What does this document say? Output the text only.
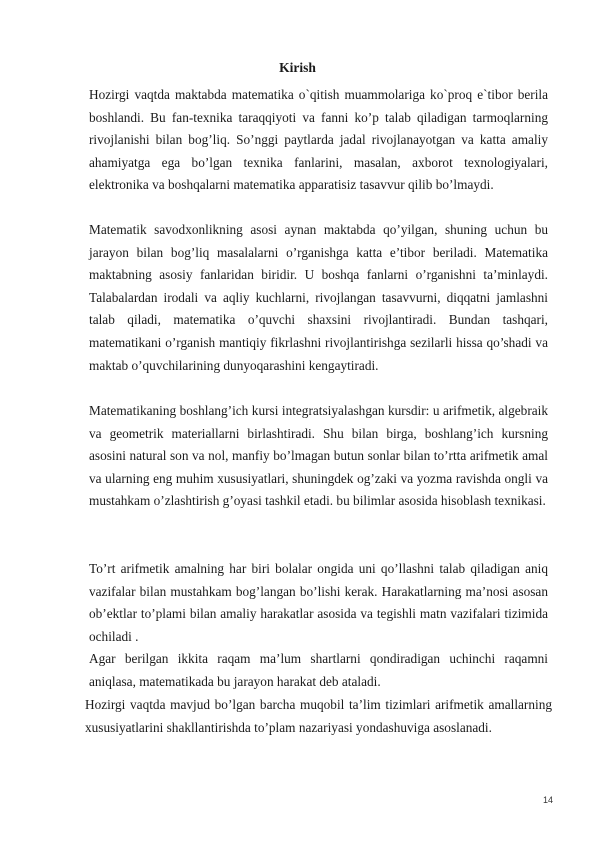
Kirish

Hozirgi vaqtda maktabda matematika o`qitish muammolariga ko`proq e`tibor berila boshlandi. Bu fan-texnika taraqqiyoti va fanni ko’p talab qiladigan tarmoqlarning rivojlanishi bilan bog’liq. So’nggi paytlarda jadal rivojlanayotgan va katta amaliy ahamiyatga ega bo’lgan texnika fanlarini, masalan, axborot texnologiyalari, elektronika va boshqalarni matematika apparatisiz tasavvur qilib bo’lmaydi.

Matematik savodxonlikning asosi aynan maktabda qo’yilgan, shuning uchun bu jarayon bilan bog’liq masalalarni o’rganishga katta e’tibor beriladi. Matematika maktabning asosiy fanlaridan biridir. U boshqa fanlarni o’rganishni ta’minlaydi. Talabalardan irodali va aqliy kuchlarni, rivojlangan tasavvurni, diqqatni jamlashni talab qiladi, matematika o’quvchi shaxsini rivojlantiradi. Bundan tashqari, matematikani o’rganish mantiqiy fikrlashni rivojlantirishga sezilarli hissa qo’shadi va maktab o’quvchilarining dunyoqarashini kengaytiradi.

Matematikaning boshlang’ich kursi integratsiyalashgan kursdir: u arifmetik, algebraik va geometrik materiallarni birlashtiradi. Shu bilan birga, boshlang’ich kursning asosini natural son va nol, manfiy bo’lmagan butun sonlar bilan to’rtta arifmetik amal va ularning eng muhim xususiyatlari, shuningdek og’zaki va yozma ravishda ongli va mustahkam o’zlashtirish g’oyasi tashkil etadi. bu bilimlar asosida hisoblash texnikasi.

To’rt arifmetik amalning har biri bolalar ongida uni qo’llashni talab qiladigan aniq vazifalar bilan mustahkam bog’langan bo’lishi kerak. Harakatlarning ma’nosi asosan ob’ektlar to’plami bilan amaliy harakatlar asosida va tegishli matn vazifalari tizimida ochiladi .

Agar berilgan ikkita raqam ma’lum shartlarni qondiradigan uchinchi raqamni aniqlasa, matematikada bu jarayon harakat deb ataladi.

Hozirgi vaqtda mavjud bo’lgan barcha muqobil ta’lim tizimlari arifmetik amallarning xususiyatlarini shakllantirishda to’plam nazariyasi yondashuviga asoslanadi.

14
